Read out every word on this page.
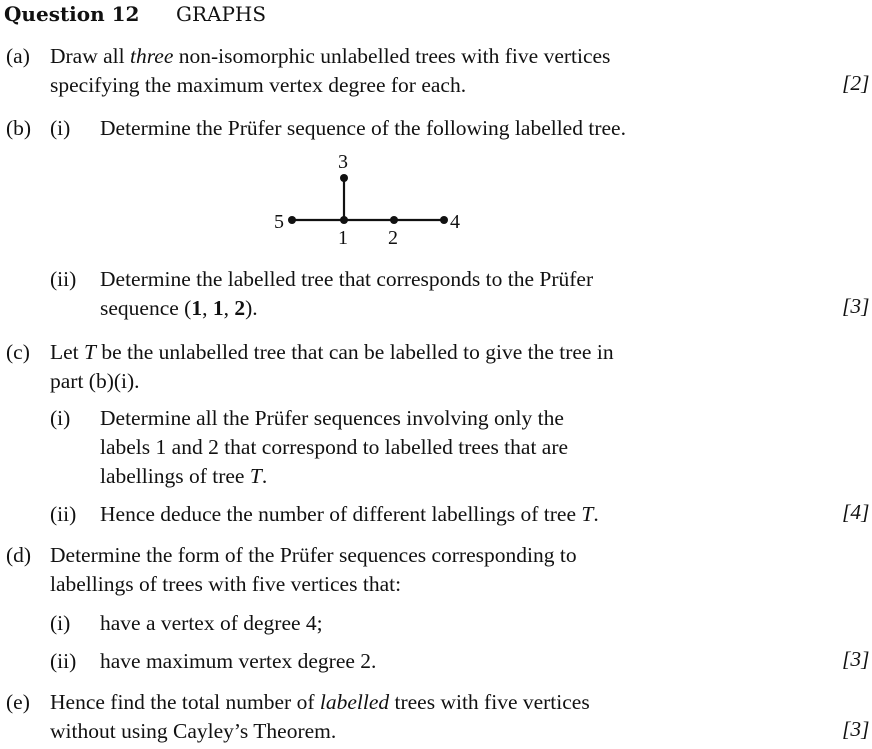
Question 12 GRAPHS
(a) Draw all three non-isomorphic unlabelled trees with five vertices
specifying the maximum vertex degree for each.	[2]
(b) (i) Determine the Prüfer sequence of the following labelled tree.
3
5	4
1 2
(ii) Determine the labelled tree that corresponds to the Prüfer
sequence (1, 1, 2).	[3]
(c) Let T be the unlabelled tree that can be labelled to give the tree in
part (b)(i).
(i) Determine all the Prüfer sequences involving only the
labels 1 and 2 that correspond to labelled trees that are
labellings of tree T.
(ii) Hence deduce the number of different labellings of tree T.	[4]
(d) Determine the form of the Prüfer sequences corresponding to
labellings of trees with five vertices that:
(i) have a vertex of degree 4;
(ii) have maximum vertex degree 2.	[3]
(e) Hence find the total number of labelled trees with five vertices
without using Cayley’s Theorem.	[3]
